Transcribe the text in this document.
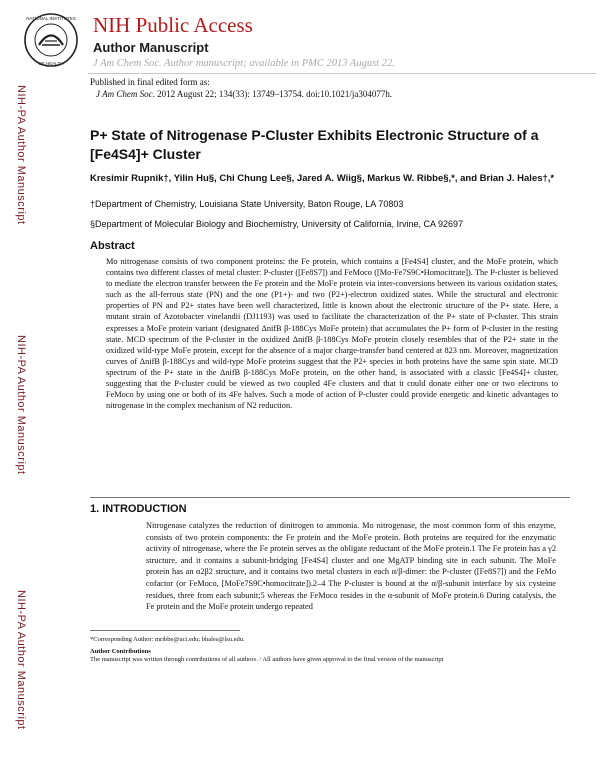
NATIONAL INSTITUTES
OF HEALTH
NIH Public Access
Author Manuscript
J Am Chem Soc. Author manuscript; available in PMC 2013 August 22.
NIH-PA Author Manuscript
NIH-PA Author Manuscript
NIH-PA Author Manuscript
Published in final edited form as:
J Am Chem Soc. 2012 August 22; 134(33): 13749–13754. doi:10.1021/ja304077h.
P+ State of Nitrogenase P-Cluster Exhibits Electronic Structure of a [Fe4S4]+ Cluster
Kresimir Rupnik†, Yilin Hu§, Chi Chung Lee§, Jared A. Wiig§, Markus W. Ribbe§,*, and Brian J. Hales†,*
†Department of Chemistry, Louisiana State University, Baton Rouge, LA 70803
§Department of Molecular Biology and Biochemistry, University of California, Irvine, CA 92697
Abstract
Mo nitrogenase consists of two component proteins: the Fe protein, which contains a [Fe4S4] cluster, and the MoFe protein, which contains two different classes of metal cluster: P-cluster ([Fe8S7]) and FeMoco ([Mo-Fe7S9C•Homocitrate]). The P-cluster is believed to mediate the electron transfer between the Fe protein and the MoFe protein via inter-conversions between its various oxidation states, such as the all-ferrous state (PN) and the one (P1+)- and two (P2+)-electron oxidized states. While the structural and electronic properties of PN and P2+ states have been well characterized, little is known about the electronic structure of the P+ state. Here, a mutant strain of Azotobacter vinelandii (DJ1193) was used to facilitate the characterization of the P+ state of P-cluster. This strain expresses a MoFe protein variant (designated ΔnifB β-188Cys MoFe protein) that accumulates the P+ form of P-cluster in the resting state. MCD spectrum of the P-cluster in the oxidized ΔnifB β-188Cys MoFe protein closely resembles that of the P2+ state in the oxidized wild-type MoFe protein, except for the absence of a major charge-transfer band centered at 823 nm. Moreover, magnetization curves of ΔnifB β-188Cys and wild-type MoFe proteins suggest that the P2+ species in both proteins have the same spin state. MCD spectrum of the P+ state in the ΔnifB β-188Cys MoFe protein, on the other hand, is associated with a classic [Fe4S4]+ cluster, suggesting that the P-cluster could be viewed as two coupled 4Fe clusters and that it could donate either one or two electrons to FeMoco by using one or both of its 4Fe halves. Such a mode of action of P-cluster could provide energetic and kinetic advantages to nitrogenase in the complex mechanism of N2 reduction.
1. INTRODUCTION
Nitrogenase catalyzes the reduction of dinitrogen to ammonia. Mo nitrogenase, the most common form of this enzyme, consists of two protein components: the Fe protein and the MoFe protein. Both proteins are required for the enzymatic activity of nitrogenase, where the Fe protein serves as the obligate reductant of the MoFe protein.1 The Fe protein has a γ2 structure, and it contains a subunit-bridging [Fe4S4] cluster and one MgATP binding site in each subunit. The MoFe protein has an α2β2 structure, and it contains two metal clusters in each α/β-dimer: the P-cluster ([Fe8S7]) and the FeMo cofactor (or FeMoco, [MoFe7S9C•homocitrate]).2–4 The P-cluster is bound at the α/β-subunit interface by six cysteine residues, three from each subunit;5 whereas the FeMoco resides in the α-subunit of MoFe protein.6 During catalysis, the Fe protein and the MoFe protein undergo repeated
*Corresponding Author: mribbe@uci.edu; bhales@lsu.edu.
Author Contributions
The manuscript was written through contributions of all authors. / All authors have given approval to the final version of the manuscript
